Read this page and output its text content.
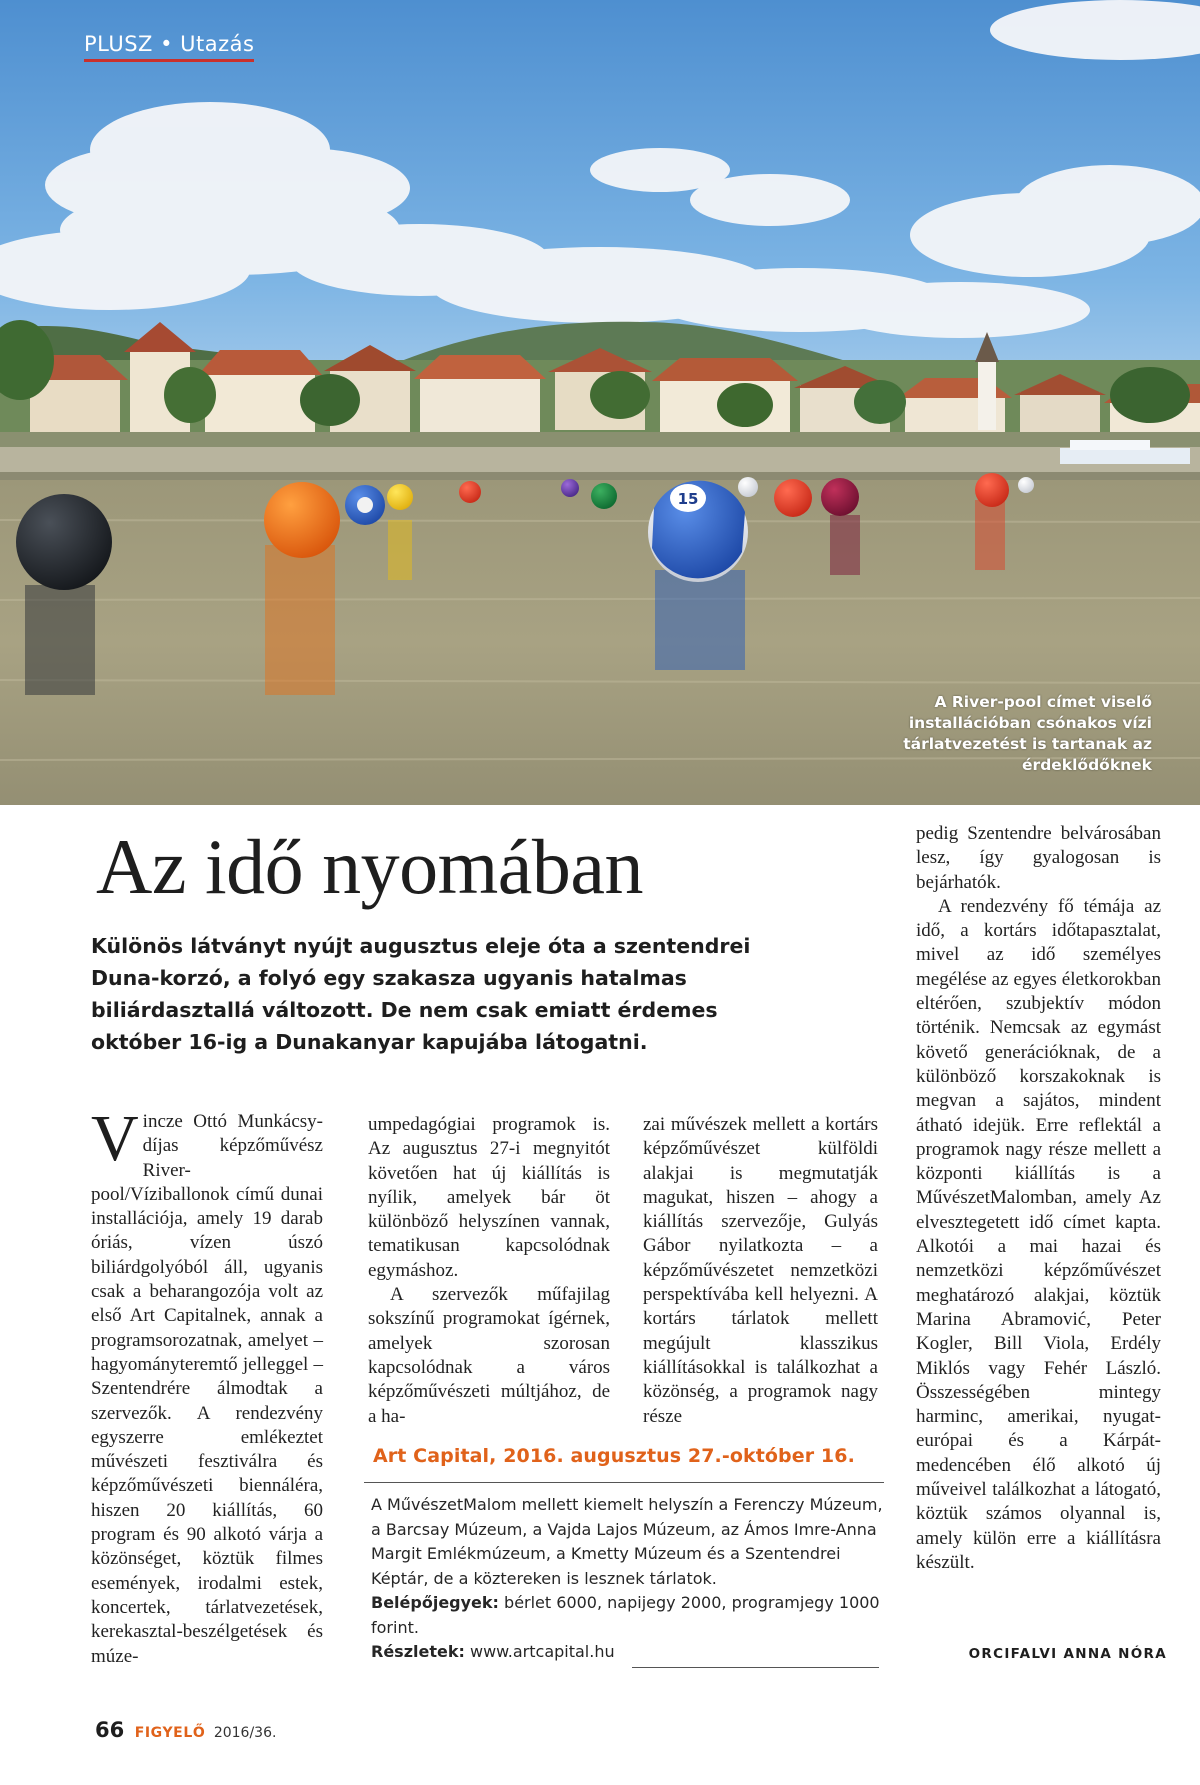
15
PLUSZ • Utazás
A River-pool címet viselő installációban csónakos vízi tárlatvezetést is tartanak az érdeklődőknek
Az idő nyomában

Különös látványt nyújt augusztus eleje óta a szentendrei Duna-korzó, a folyó egy szakasza ugyanis hatalmas biliárdasztallá változott. De nem csak emiatt érdemes október 16-ig a Dunakanyar kapujába látogatni.

Vincze Ottó Munkácsy-díjas képzőművész River-pool/Víziballonok című dunai installációja, amely 19 darab óriás, vízen úszó biliárdgolyóból áll, ugyanis csak a beharangozója volt az első Art Capitalnek, annak a programsorozatnak, amelyet – hagyományteremtő jelleggel – Szentendrére álmodtak a szervezők. A rendezvény egyszerre emlékeztet művészeti fesztiválra és képzőművészeti biennáléra, hiszen 20 kiállítás, 60 program és 90 alkotó várja a közönséget, köztük filmes események, irodalmi estek, koncertek, tárlatvezetések, kerekasztal-beszélgetések és múze-

umpedagógiai programok is. Az augusztus 27-i megnyitót követően hat új kiállítás is nyílik, amelyek bár öt különböző helyszínen vannak, tematikusan kapcsolódnak egymáshoz.

A szervezők műfajilag sokszínű programokat ígérnek, amelyek szorosan kapcsolódnak a város képzőművészeti múltjához, de a ha-

zai művészek mellett a kortárs képzőművészet külföldi alakjai is megmutatják magukat, hiszen – ahogy a kiállítás szervezője, Gulyás Gábor nyilatkozta – a képzőművészetet nemzetközi perspektívába kell helyezni. A kortárs tárlatok mellett megújult klasszikus kiállításokkal is találkozhat a közönség, a programok nagy része

pedig Szentendre belvárosában lesz, így gyalogosan is bejárhatók.

A rendezvény fő témája az idő, a kortárs időtapasztalat, mivel az idő személyes megélése az egyes életkorokban eltérően, szubjektív módon történik. Nemcsak az egymást követő generációknak, de a különböző korszakoknak is megvan a sajátos, mindent átható idejük. Erre reflektál a programok nagy része mellett a központi kiállítás is a MűvészetMalomban, amely Az elvesztegetett idő címet kapta. Alkotói a mai hazai és nemzetközi képzőművészet meghatározó alakjai, köztük Marina Abramović, Peter Kogler, Bill Viola, Erdély Miklós vagy Fehér László. Összességében mintegy harminc, amerikai, nyugat-európai és a Kárpát-medencében élő alkotó új műveivel találkozhat a látogató, köztük számos olyannal is, amely külön erre a kiállításra készült.

ORCIFALVI ANNA NÓRA
Art Capital, 2016. augusztus 27.-október 16.

A MűvészetMalom mellett kiemelt helyszín a Ferenczy Múzeum, a Barcsay Múzeum, a Vajda Lajos Múzeum, az Ámos Imre-Anna Margit Emlékmúzeum, a Kmetty Múzeum és a Szentendrei Képtár, de a köztereken is lesznek tárlatok.

Belépőjegyek: bérlet 6000, napijegy 2000, programjegy 1000 forint.

Részletek: www.artcapital.hu

66 FIGYELŐ 2016/36.
